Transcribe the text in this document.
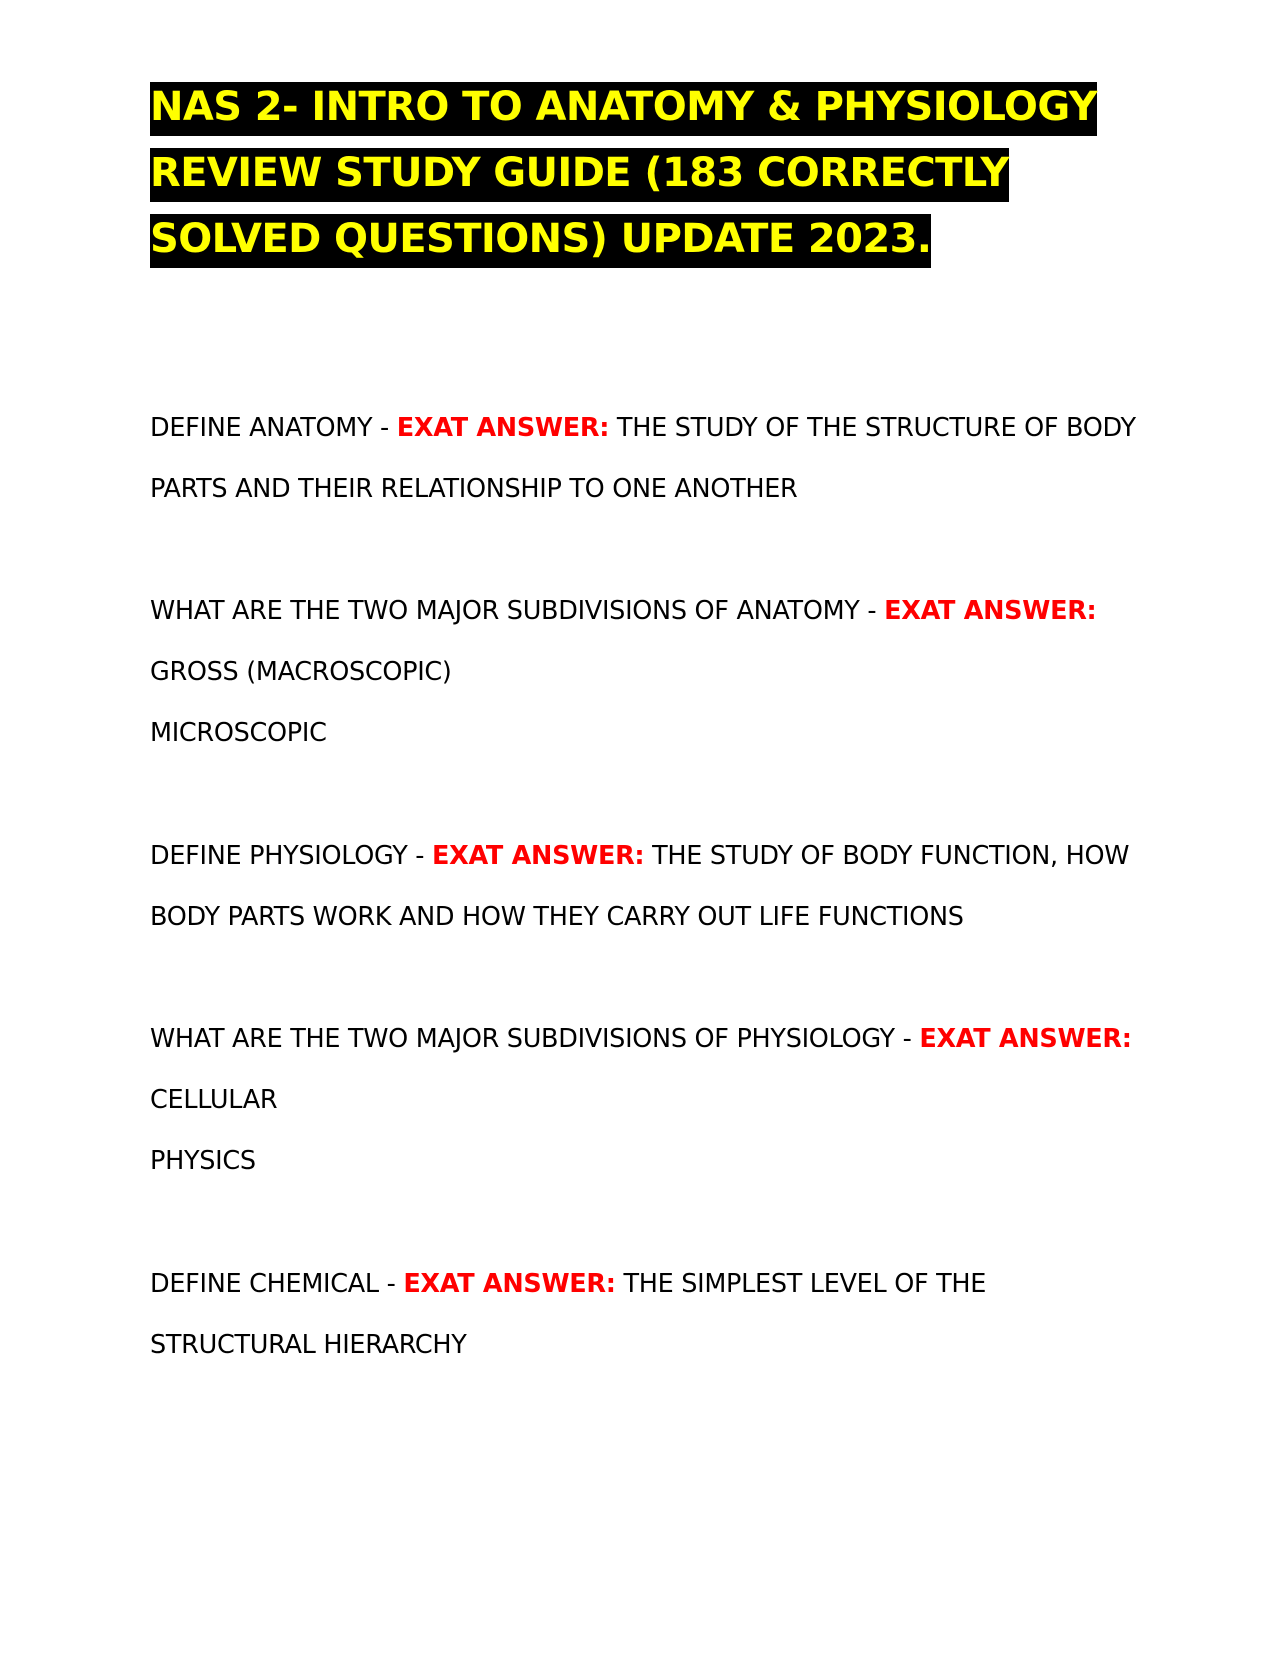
NAS 2- INTRO TO ANATOMY & PHYSIOLOGY REVIEW STUDY GUIDE (183 CORRECTLY SOLVED QUESTIONS) UPDATE 2023.

DEFINE ANATOMY - EXAT ANSWER: THE STUDY OF THE STRUCTURE OF BODY PARTS AND THEIR RELATIONSHIP TO ONE ANOTHER

WHAT ARE THE TWO MAJOR SUBDIVISIONS OF ANATOMY - EXAT ANSWER: GROSS (MACROSCOPIC)
MICROSCOPIC

DEFINE PHYSIOLOGY - EXAT ANSWER: THE STUDY OF BODY FUNCTION, HOW BODY PARTS WORK AND HOW THEY CARRY OUT LIFE FUNCTIONS

WHAT ARE THE TWO MAJOR SUBDIVISIONS OF PHYSIOLOGY - EXAT ANSWER: CELLULAR
PHYSICS

DEFINE CHEMICAL - EXAT ANSWER: THE SIMPLEST LEVEL OF THE STRUCTURAL HIERARCHY
